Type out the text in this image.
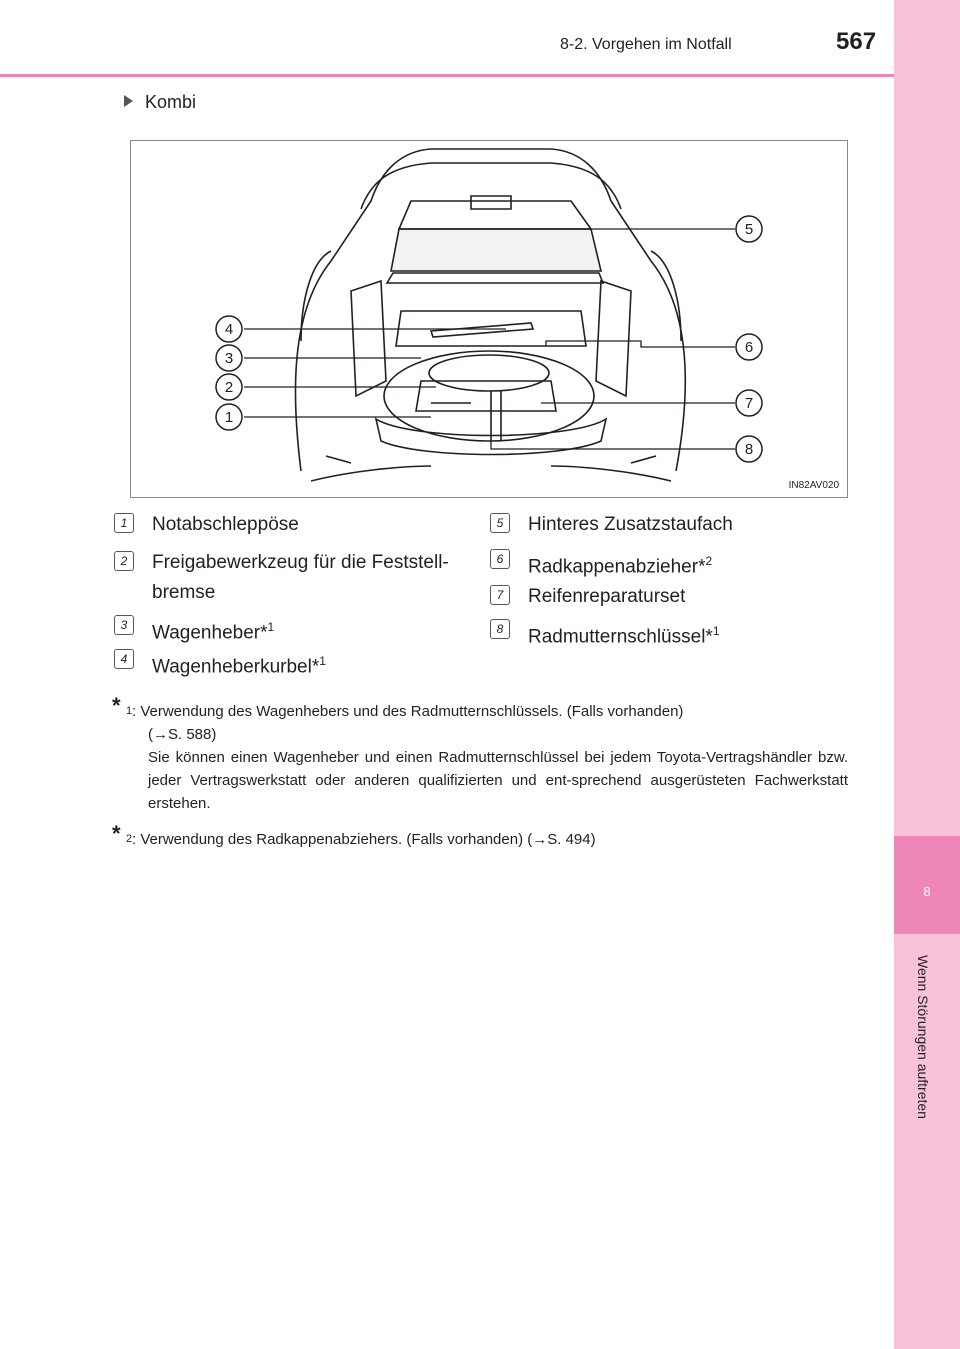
8-2. Vorgehen im Notfall	567
8
Wenn Störungen auftreten
Kombi
4
3
2
1
5
6
7
8
IN82AV020
1 Notabschleppöse
2 Freigabewerkzeug für die Feststell-
bremse
3 Wagenheber*$^1$
4 Wagenheberkurbel*$^1$
5 Hinteres Zusatzstaufach
6 Radkappenabzieher*$^2$
7 Reifenreparaturset
8 Radmutternschlüssel*$^1$
* 1 : Verwendung des Wagenhebers und des Radmutternschlüssels. (Falls vorhanden)
(→S. 588)
Sie können einen Wagenheber und einen Radmutternschlüssel bei jedem Toyota-Vertragshändler bzw. jeder Vertragswerkstatt oder anderen qualifizierten und ent-sprechend ausgerüsteten Fachwerkstatt erstehen.
* 2 : Verwendung des Radkappenabziehers. (Falls vorhanden) (→S. 494)
